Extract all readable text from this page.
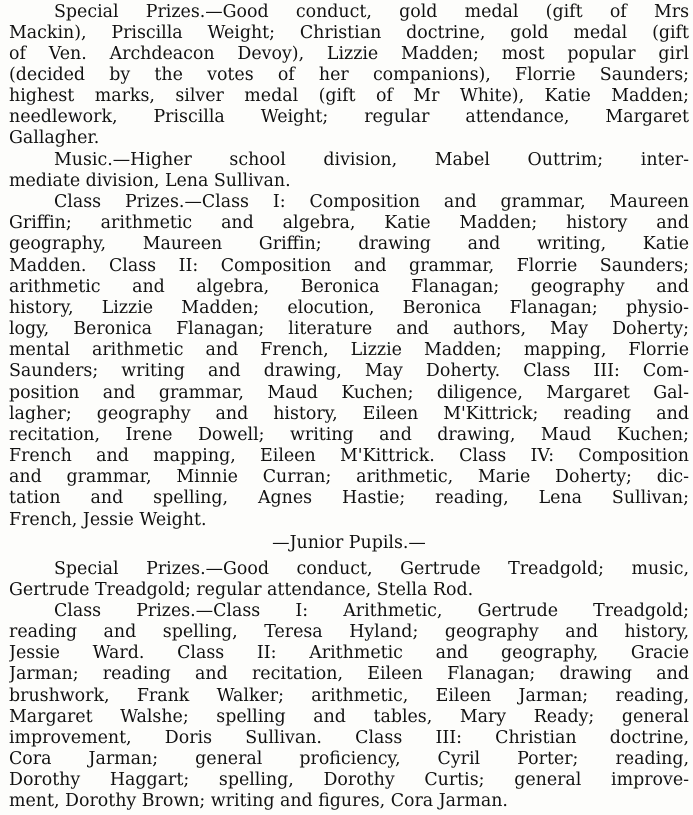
Special Prizes.—Good conduct, gold medal (gift of Mrs
Mackin), Priscilla Weight; Christian doctrine, gold medal (gift
of Ven. Archdeacon Devoy), Lizzie Madden; most popular girl
(decided by the votes of her companions), Florrie Saunders;
highest marks, silver medal (gift of Mr White), Katie Madden;
needlework, Priscilla Weight; regular attendance, Margaret
Gallagher.
Music.—Higher school division, Mabel Outtrim; inter-
mediate division, Lena Sullivan.
Class Prizes.—Class I: Composition and grammar, Maureen
Griffin; arithmetic and algebra, Katie Madden; history and
geography, Maureen Griffin; drawing and writing, Katie
Madden. Class II: Composition and grammar, Florrie Saunders;
arithmetic and algebra, Beronica Flanagan; geography and
history, Lizzie Madden; elocution, Beronica Flanagan; physio-
logy, Beronica Flanagan; literature and authors, May Doherty;
mental arithmetic and French, Lizzie Madden; mapping, Florrie
Saunders; writing and drawing, May Doherty. Class III: Com-
position and grammar, Maud Kuchen; diligence, Margaret Gal-
lagher; geography and history, Eileen M'Kittrick; reading and
recitation, Irene Dowell; writing and drawing, Maud Kuchen;
French and mapping, Eileen M'Kittrick. Class IV: Composition
and grammar, Minnie Curran; arithmetic, Marie Doherty; dic-
tation and spelling, Agnes Hastie; reading, Lena Sullivan;
French, Jessie Weight.
—Junior Pupils.—
Special Prizes.—Good conduct, Gertrude Treadgold; music,
Gertrude Treadgold; regular attendance, Stella Rod.
Class Prizes.—Class I: Arithmetic, Gertrude Treadgold;
reading and spelling, Teresa Hyland; geography and history,
Jessie Ward. Class II: Arithmetic and geography, Gracie
Jarman; reading and recitation, Eileen Flanagan; drawing and
brushwork, Frank Walker; arithmetic, Eileen Jarman; reading,
Margaret Walshe; spelling and tables, Mary Ready; general
improvement, Doris Sullivan. Class III: Christian doctrine,
Cora Jarman; general proficiency, Cyril Porter; reading,
Dorothy Haggart; spelling, Dorothy Curtis; general improve-
ment, Dorothy Brown; writing and figures, Cora Jarman.
